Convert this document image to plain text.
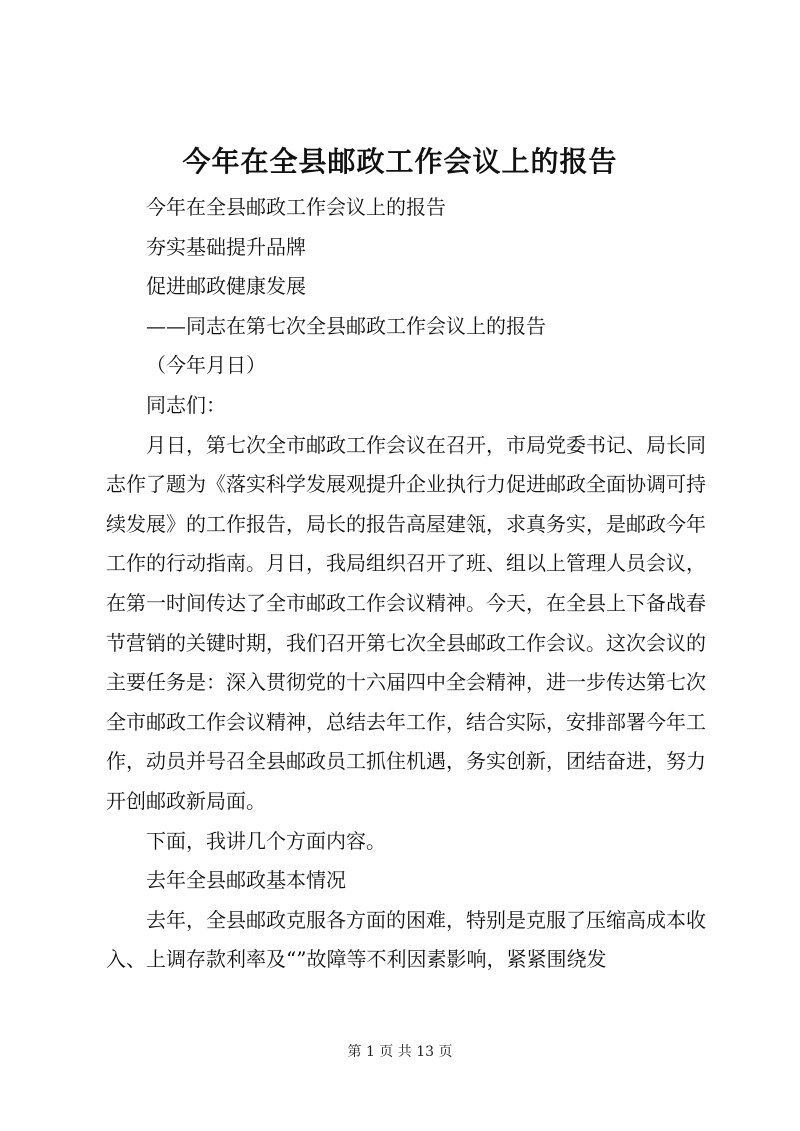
今年在全县邮政工作会议上的报告

今年在全县邮政工作会议上的报告

夯实基础提升品牌

促进邮政健康发展

——同志在第七次全县邮政工作会议上的报告

（今年月日）

同志们：

月日，第七次全市邮政工作会议在召开，市局党委书记、局长同志作了题为《落实科学发展观提升企业执行力促进邮政全面协调可持续发展》的工作报告，局长的报告高屋建瓴，求真务实，是邮政今年工作的行动指南。月日，我局组织召开了班、组以上管理人员会议，在第一时间传达了全市邮政工作会议精神。今天，在全县上下备战春节营销的关键时期，我们召开第七次全县邮政工作会议。这次会议的主要任务是：深入贯彻党的十六届四中全会精神，进一步传达第七次全市邮政工作会议精神，总结去年工作，结合实际，安排部署今年工作，动员并号召全县邮政员工抓住机遇，务实创新，团结奋进，努力开创邮政新局面。

下面，我讲几个方面内容。

去年全县邮政基本情况

去年，全县邮政克服各方面的困难，特别是克服了压缩高成本收入、上调存款利率及“”故障等不利因素影响，紧紧围绕发

第 1 页 共 13 页
